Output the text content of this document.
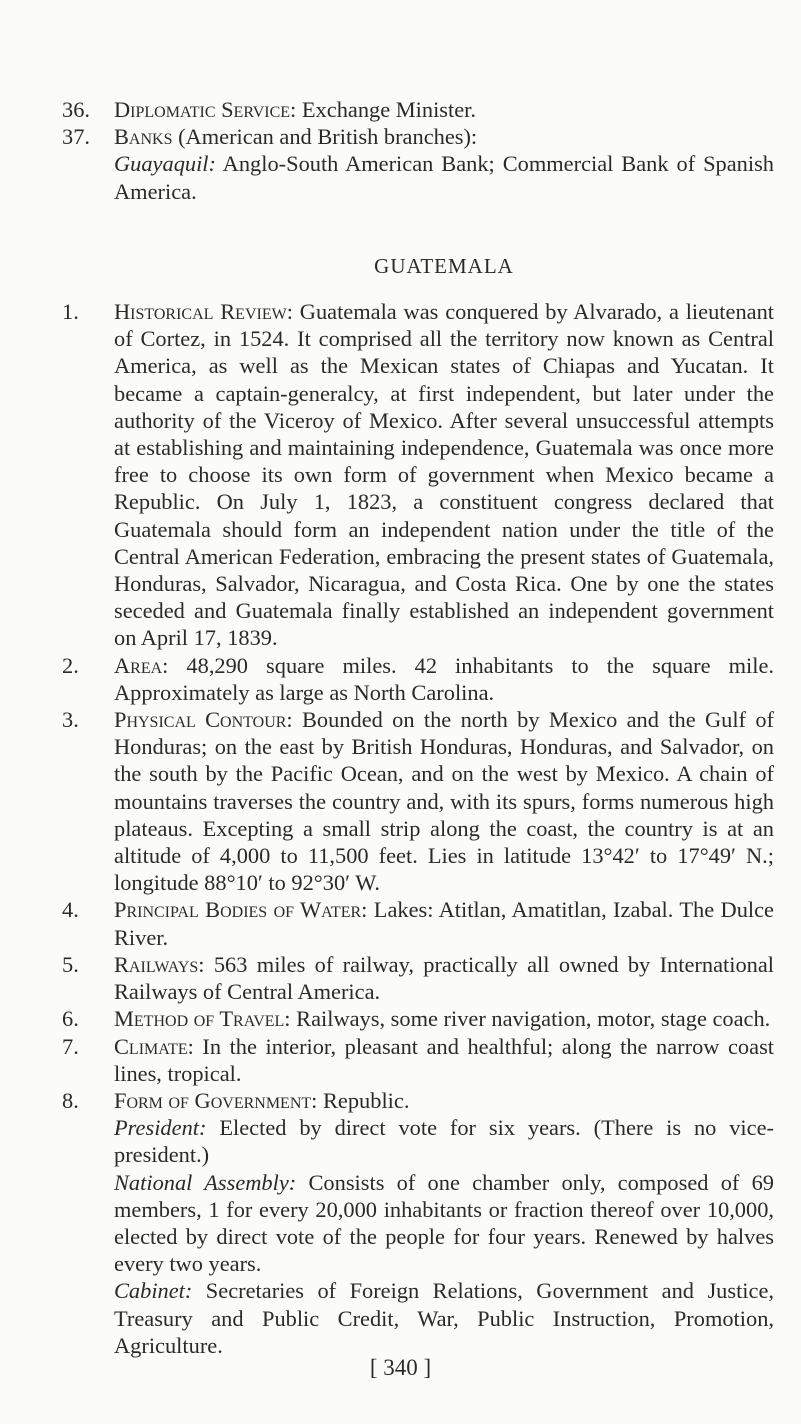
36. Diplomatic Service: Exchange Minister.
37. Banks (American and British branches):
Guayaquil: Anglo-South American Bank; Commercial Bank of Spanish America.
GUATEMALA
1. Historical Review: Guatemala was conquered by Alvarado, a lieutenant of Cortez, in 1524. It comprised all the territory now known as Central America, as well as the Mexican states of Chiapas and Yucatan. It became a captain-generalcy, at first independent, but later under the authority of the Viceroy of Mexico. After several unsuccessful attempts at establishing and maintaining independence, Guatemala was once more free to choose its own form of government when Mexico became a Republic. On July 1, 1823, a constituent congress declared that Guatemala should form an independent nation under the title of the Central American Federation, embracing the present states of Guatemala, Honduras, Salvador, Nicaragua, and Costa Rica. One by one the states seceded and Guatemala finally established an independent government on April 17, 1839.
2. Area: 48,290 square miles. 42 inhabitants to the square mile. Approximately as large as North Carolina.
3. Physical Contour: Bounded on the north by Mexico and the Gulf of Honduras; on the east by British Honduras, Honduras, and Salvador, on the south by the Pacific Ocean, and on the west by Mexico. A chain of mountains traverses the country and, with its spurs, forms numerous high plateaus. Excepting a small strip along the coast, the country is at an altitude of 4,000 to 11,500 feet. Lies in latitude 13°42′ to 17°49′ N.; longitude 88°10′ to 92°30′ W.
4. Principal Bodies of Water: Lakes: Atitlan, Amatitlan, Izabal. The Dulce River.
5. Railways: 563 miles of railway, practically all owned by International Railways of Central America.
6. Method of Travel: Railways, some river navigation, motor, stage coach.
7. Climate: In the interior, pleasant and healthful; along the narrow coast lines, tropical.
8. Form of Government: Republic.
President: Elected by direct vote for six years. (There is no vice-president.)
National Assembly: Consists of one chamber only, composed of 69 members, 1 for every 20,000 inhabitants or fraction thereof over 10,000, elected by direct vote of the people for four years. Renewed by halves every two years.
Cabinet: Secretaries of Foreign Relations, Government and Justice, Treasury and Public Credit, War, Public Instruction, Promotion, Agriculture.
[ 340 ]
